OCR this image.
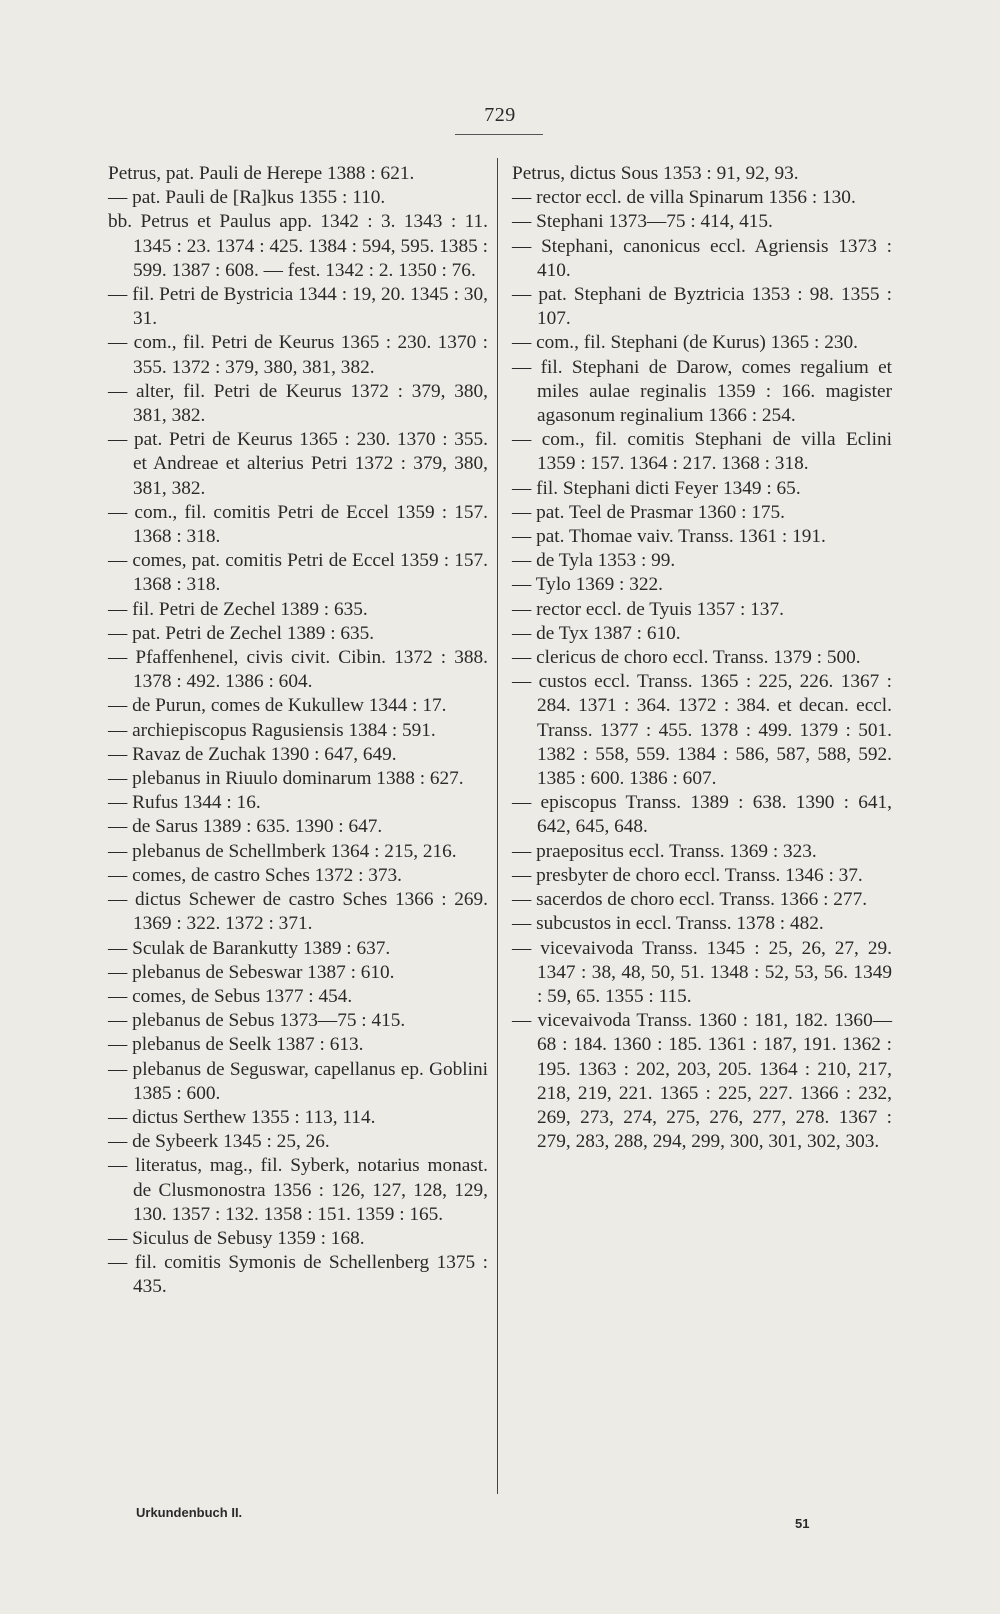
729

Petrus, pat. Pauli de Herepe 1388 : 621.

— pat. Pauli de [Ra]kus 1355 : 110.

bb. Petrus et Paulus app. 1342 : 3. 1343 : 11. 1345 : 23. 1374 : 425. 1384 : 594, 595. 1385 : 599. 1387 : 608. — fest. 1342 : 2. 1350 : 76.

— fil. Petri de Bystricia 1344 : 19, 20. 1345 : 30, 31.

— com., fil. Petri de Keurus 1365 : 230. 1370 : 355. 1372 : 379, 380, 381, 382.

— alter, fil. Petri de Keurus 1372 : 379, 380, 381, 382.

— pat. Petri de Keurus 1365 : 230. 1370 : 355. et Andreae et alterius Petri 1372 : 379, 380, 381, 382.

— com., fil. comitis Petri de Eccel 1359 : 157. 1368 : 318.

— comes, pat. comitis Petri de Eccel 1359 : 157. 1368 : 318.

— fil. Petri de Zechel 1389 : 635.

— pat. Petri de Zechel 1389 : 635.

— Pfaffenhenel, civis civit. Cibin. 1372 : 388. 1378 : 492. 1386 : 604.

— de Purun, comes de Kukullew 1344 : 17.

— archiepiscopus Ragusiensis 1384 : 591.

— Ravaz de Zuchak 1390 : 647, 649.

— plebanus in Riuulo dominarum 1388 : 627.

— Rufus 1344 : 16.

— de Sarus 1389 : 635. 1390 : 647.

— plebanus de Schellmberk 1364 : 215, 216.

— comes, de castro Sches 1372 : 373.

— dictus Schewer de castro Sches 1366 : 269. 1369 : 322. 1372 : 371.

— Sculak de Barankutty 1389 : 637.

— plebanus de Sebeswar 1387 : 610.

— comes, de Sebus 1377 : 454.

— plebanus de Sebus 1373—75 : 415.

— plebanus de Seelk 1387 : 613.

— plebanus de Seguswar, capellanus ep. Goblini 1385 : 600.

— dictus Serthew 1355 : 113, 114.

— de Sybeerk 1345 : 25, 26.

— literatus, mag., fil. Syberk, notarius monast. de Clusmonostra 1356 : 126, 127, 128, 129, 130. 1357 : 132. 1358 : 151. 1359 : 165.

— Siculus de Sebusy 1359 : 168.

— fil. comitis Symonis de Schellenberg 1375 : 435.

Petrus, dictus Sous 1353 : 91, 92, 93.

— rector eccl. de villa Spinarum 1356 : 130.

— Stephani 1373—75 : 414, 415.

— Stephani, canonicus eccl. Agriensis 1373 : 410.

— pat. Stephani de Byztricia 1353 : 98. 1355 : 107.

— com., fil. Stephani (de Kurus) 1365 : 230.

— fil. Stephani de Darow, comes regalium et miles aulae reginalis 1359 : 166. magister agasonum reginalium 1366 : 254.

— com., fil. comitis Stephani de villa Eclini 1359 : 157. 1364 : 217. 1368 : 318.

— fil. Stephani dicti Feyer 1349 : 65.

— pat. Teel de Prasmar 1360 : 175.

— pat. Thomae vaiv. Transs. 1361 : 191.

— de Tyla 1353 : 99.

— Tylo 1369 : 322.

— rector eccl. de Tyuis 1357 : 137.

— de Tyx 1387 : 610.

— clericus de choro eccl. Transs. 1379 : 500.

— custos eccl. Transs. 1365 : 225, 226. 1367 : 284. 1371 : 364. 1372 : 384. et decan. eccl. Transs. 1377 : 455. 1378 : 499. 1379 : 501. 1382 : 558, 559. 1384 : 586, 587, 588, 592. 1385 : 600. 1386 : 607.

— episcopus Transs. 1389 : 638. 1390 : 641, 642, 645, 648.

— praepositus eccl. Transs. 1369 : 323.

— presbyter de choro eccl. Transs. 1346 : 37.

— sacerdos de choro eccl. Transs. 1366 : 277.

— subcustos in eccl. Transs. 1378 : 482.

— vicevaivoda Transs. 1345 : 25, 26, 27, 29. 1347 : 38, 48, 50, 51. 1348 : 52, 53, 56. 1349 : 59, 65. 1355 : 115.

— vicevaivoda Transs. 1360 : 181, 182. 1360—68 : 184. 1360 : 185. 1361 : 187, 191. 1362 : 195. 1363 : 202, 203, 205. 1364 : 210, 217, 218, 219, 221. 1365 : 225, 227. 1366 : 232, 269, 273, 274, 275, 276, 277, 278. 1367 : 279, 283, 288, 294, 299, 300, 301, 302, 303.

Urkundenbuch II.
51
